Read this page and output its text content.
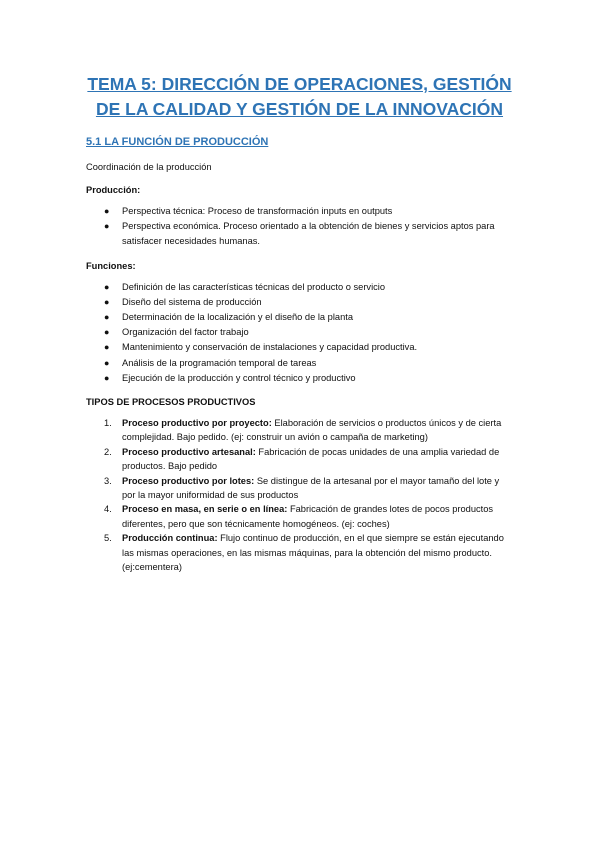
TEMA 5: DIRECCIÓN DE OPERACIONES, GESTIÓN
DE LA CALIDAD Y GESTIÓN DE LA INNOVACIÓN
5.1 LA FUNCIÓN DE PRODUCCIÓN
Coordinación de la producción
Producción:
● Perspectiva técnica: Proceso de transformación inputs en outputs
● Perspectiva económica. Proceso orientado a la obtención de bienes y servicios aptos para satisfacer necesidades humanas.
Funciones:
● Definición de las características técnicas del producto o servicio
● Diseño del sistema de producción
● Determinación de la localización y el diseño de la planta
● Organización del factor trabajo
● Mantenimiento y conservación de instalaciones y capacidad productiva.
● Análisis de la programación temporal de tareas
● Ejecución de la producción y control técnico y productivo
TIPOS DE PROCESOS PRODUCTIVOS
1. Proceso productivo por proyecto: Elaboración de servicios o productos únicos y de cierta complejidad. Bajo pedido. (ej: construir un avión o campaña de marketing)
2. Proceso productivo artesanal: Fabricación de pocas unidades de una amplia variedad de productos. Bajo pedido
3. Proceso productivo por lotes: Se distingue de la artesanal por el mayor tamaño del lote y por la mayor uniformidad de sus productos
4. Proceso en masa, en serie o en línea: Fabricación de grandes lotes de pocos productos diferentes, pero que son técnicamente homogéneos. (ej: coches)
5. Producción continua: Flujo continuo de producción, en el que siempre se están ejecutando las mismas operaciones, en las mismas máquinas, para la obtención del mismo producto. (ej:cementera)
